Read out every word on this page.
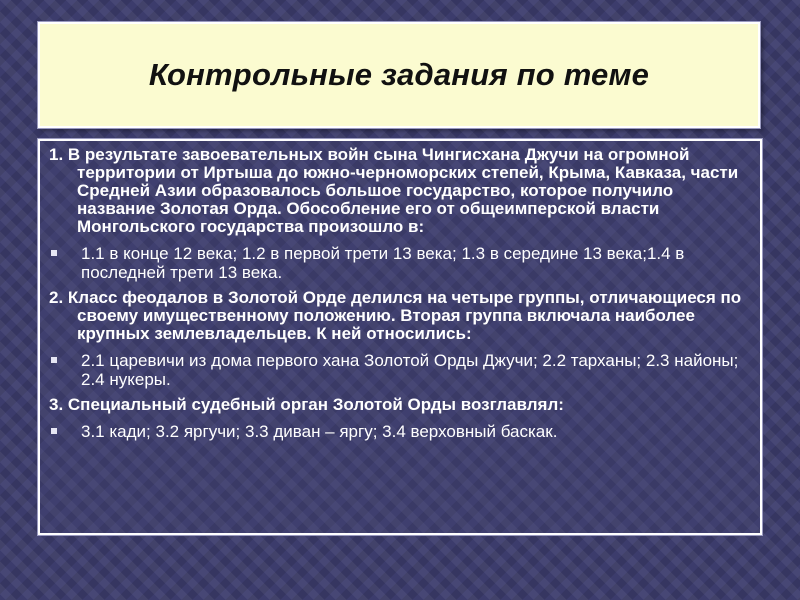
Контрольные задания по теме
1. В результате завоевательных войн сына Чингисхана Джучи на огромной территории от Иртыша до южно-черноморских степей, Крыма, Кавказа, части Средней Азии образовалось большое государство, которое получило название Золотая Орда. Обособление его от общеимперской власти Монгольского государства произошло в:
1.1 в конце 12 века; 1.2 в первой трети 13 века; 1.3 в середине 13 века;1.4 в последней трети 13 века.
2. Класс феодалов в Золотой Орде делился на четыре группы, отличающиеся по своему имущественному положению. Вторая группа включала наиболее крупных землевладельцев. К ней относились:
2.1 царевичи из дома первого хана Золотой Орды Джучи; 2.2 тарханы; 2.3 найоны; 2.4 нукеры.
3. Специальный судебный орган Золотой Орды возглавлял:
3.1 кади; 3.2 яргучи; 3.3 диван – яргу; 3.4 верховный баскак.
